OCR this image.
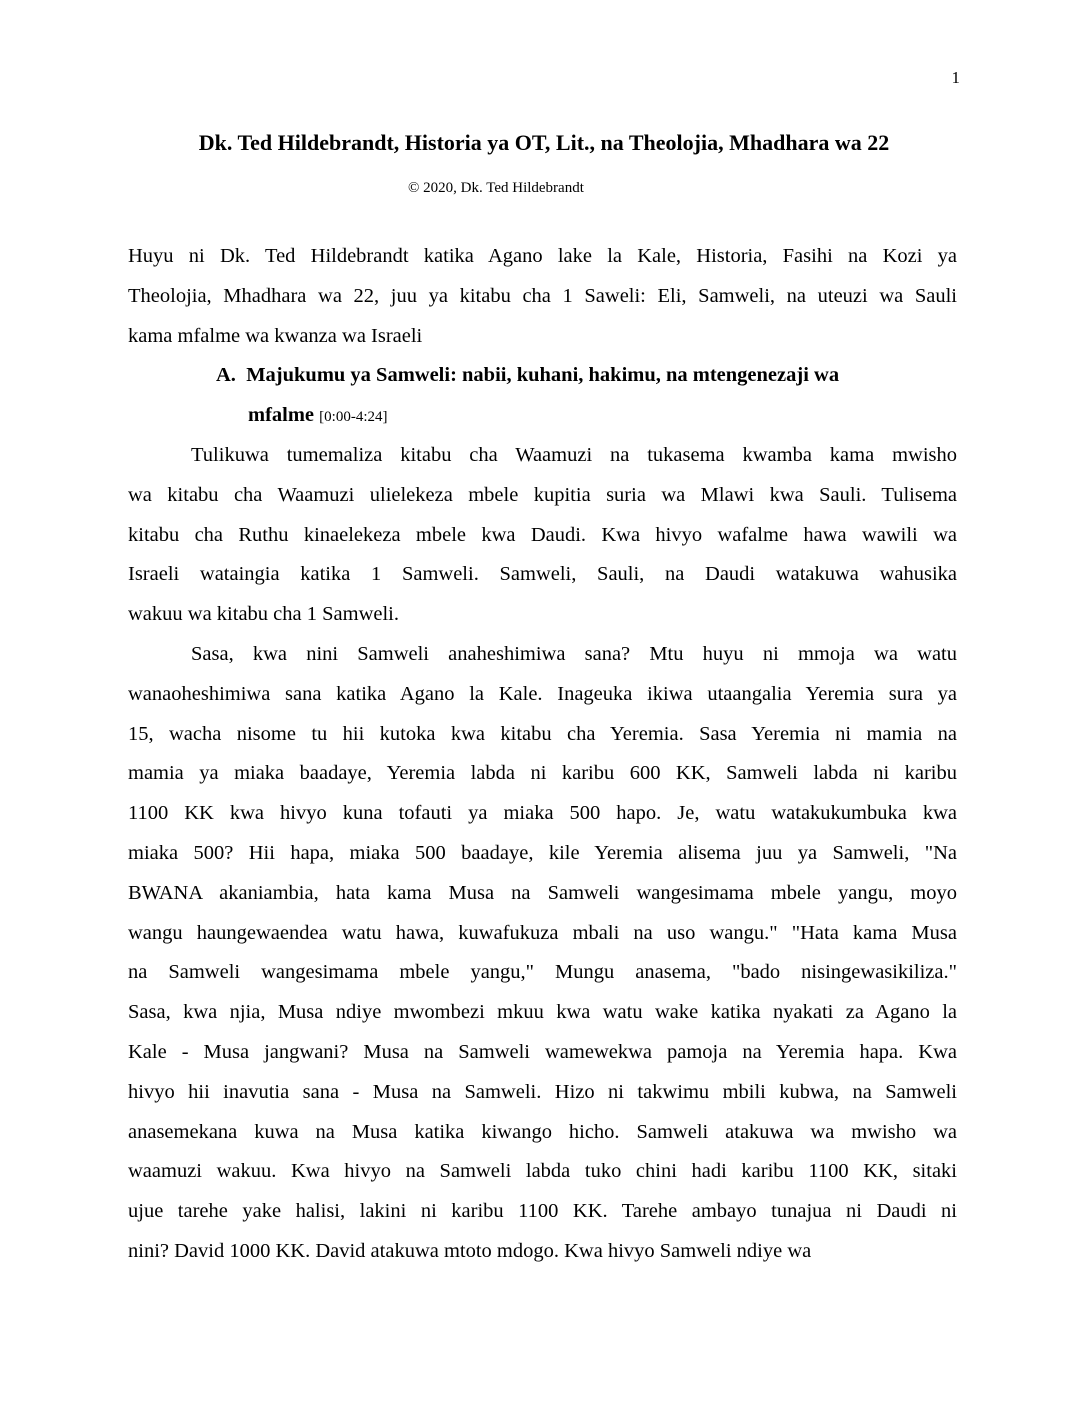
1
Dk. Ted Hildebrandt, Historia ya OT, Lit., na Theolojia, Mhadhara wa 22
© 2020, Dk. Ted Hildebrandt
Huyu ni Dk. Ted Hildebrandt katika Agano lake la Kale, Historia, Fasihi na Kozi ya
Theolojia, Mhadhara wa 22, juu ya kitabu cha 1 Saweli: Eli, Samweli, na uteuzi wa Sauli
kama mfalme wa kwanza wa Israeli
A. Majukumu ya Samweli: nabii, kuhani, hakimu, na mtengenezaji wa
mfalme [0:00-4:24]
Tulikuwa tumemaliza kitabu cha Waamuzi na tukasema kwamba kama mwisho
wa kitabu cha Waamuzi ulielekeza mbele kupitia suria wa Mlawi kwa Sauli. Tulisema
kitabu cha Ruthu kinaelekeza mbele kwa Daudi. Kwa hivyo wafalme hawa wawili wa
Israeli wataingia katika 1 Samweli. Samweli, Sauli, na Daudi watakuwa wahusika
wakuu wa kitabu cha 1 Samweli.
Sasa, kwa nini Samweli anaheshimiwa sana? Mtu huyu ni mmoja wa watu
wanaoheshimiwa sana katika Agano la Kale. Inageuka ikiwa utaangalia Yeremia sura ya
15, wacha nisome tu hii kutoka kwa kitabu cha Yeremia. Sasa Yeremia ni mamia na
mamia ya miaka baadaye, Yeremia labda ni karibu 600 KK, Samweli labda ni karibu
1100 KK kwa hivyo kuna tofauti ya miaka 500 hapo. Je, watu watakukumbuka kwa
miaka 500? Hii hapa, miaka 500 baadaye, kile Yeremia alisema juu ya Samweli, "Na
BWANA akaniambia, hata kama Musa na Samweli wangesimama mbele yangu, moyo
wangu haungewaendea watu hawa, kuwafukuza mbali na uso wangu." "Hata kama Musa
na Samweli wangesimama mbele yangu," Mungu anasema, "bado nisingewasikiliza."
Sasa, kwa njia, Musa ndiye mwombezi mkuu kwa watu wake katika nyakati za Agano la
Kale - Musa jangwani? Musa na Samweli wamewekwa pamoja na Yeremia hapa. Kwa
hivyo hii inavutia sana - Musa na Samweli. Hizo ni takwimu mbili kubwa, na Samweli
anasemekana kuwa na Musa katika kiwango hicho. Samweli atakuwa wa mwisho wa
waamuzi wakuu. Kwa hivyo na Samweli labda tuko chini hadi karibu 1100 KK, sitaki
ujue tarehe yake halisi, lakini ni karibu 1100 KK. Tarehe ambayo tunajua ni Daudi ni
nini? David 1000 KK. David atakuwa mtoto mdogo. Kwa hivyo Samweli ndiye wa
